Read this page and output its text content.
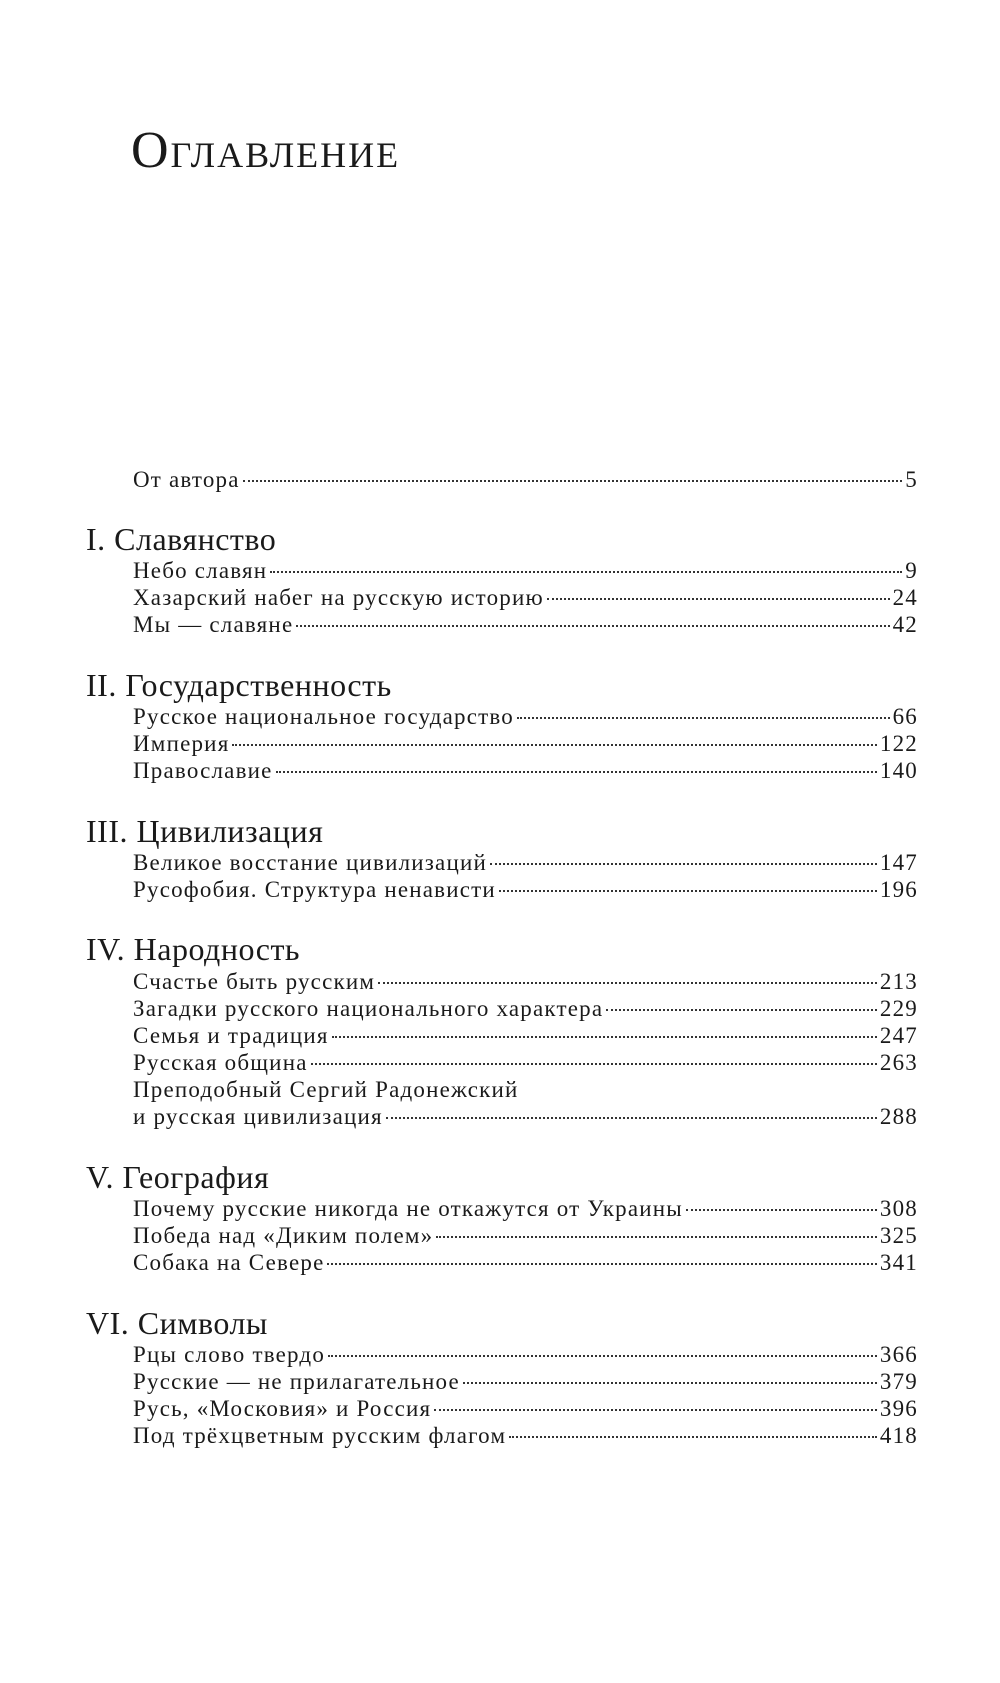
Оглавление
От автора	5
I. Славянство
Небо славян	9
Хазарский набег на русскую историю	24
Мы — славяне	42
II. Государственность
Русское национальное государство	66
Империя	122
Православие	140
III. Цивилизация
Великое восстание цивилизаций	147
Русофобия. Структура ненависти	196
IV. Народность
Счастье быть русским	213
Загадки русского национального характера	229
Семья и традиция	247
Русская община	263
Преподобный Сергий Радонежский
и русская цивилизация	288
V. География
Почему русские никогда не откажутся от Украины	308
Победа над «Диким полем»	325
Собака на Севере	341
VI. Символы
Рцы слово твердо	366
Русские — не прилагательное	379
Русь, «Московия» и Россия	396
Под трёхцветным русским флагом	418
